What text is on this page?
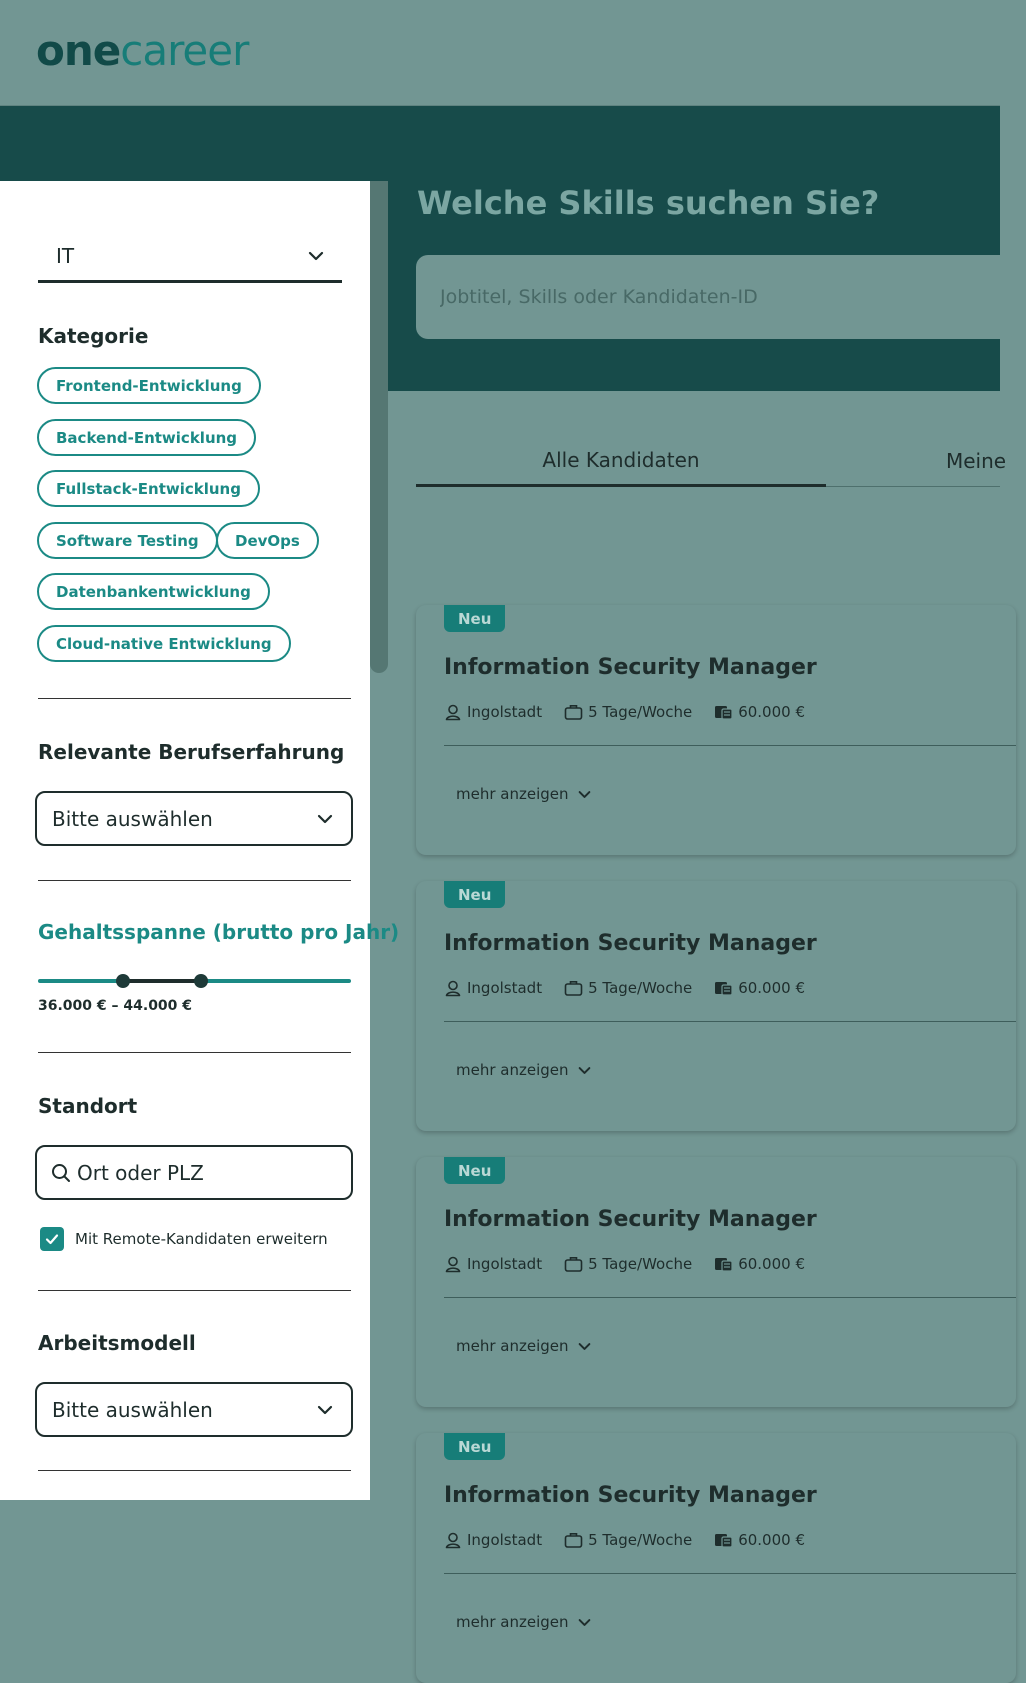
onecareer
Welche Skills suchen Sie?
Jobtitel, Skills oder Kandidaten-ID
Alle Kandidaten	Meine
Neu
Information Security Manager
Ingolstadt	5 Tage/Woche	60.000 €
mehr anzeigen
Neu
Information Security Manager
Ingolstadt	5 Tage/Woche	60.000 €
mehr anzeigen
Neu
Information Security Manager
Ingolstadt	5 Tage/Woche	60.000 €
mehr anzeigen
Neu
Information Security Manager
Ingolstadt	5 Tage/Woche	60.000 €
mehr anzeigen
IT
Kategorie
Frontend-Entwicklung
Backend-Entwicklung
Fullstack-Entwicklung
Software Testing	DevOps
Datenbankentwicklung
Cloud-native Entwicklung
Relevante Berufserfahrung
Bitte auswählen
Gehaltsspanne (brutto pro Jahr)
36.000 € – 44.000 €
Standort
Ort oder PLZ
Mit Remote-Kandidaten erweitern
Arbeitsmodell
Bitte auswählen
